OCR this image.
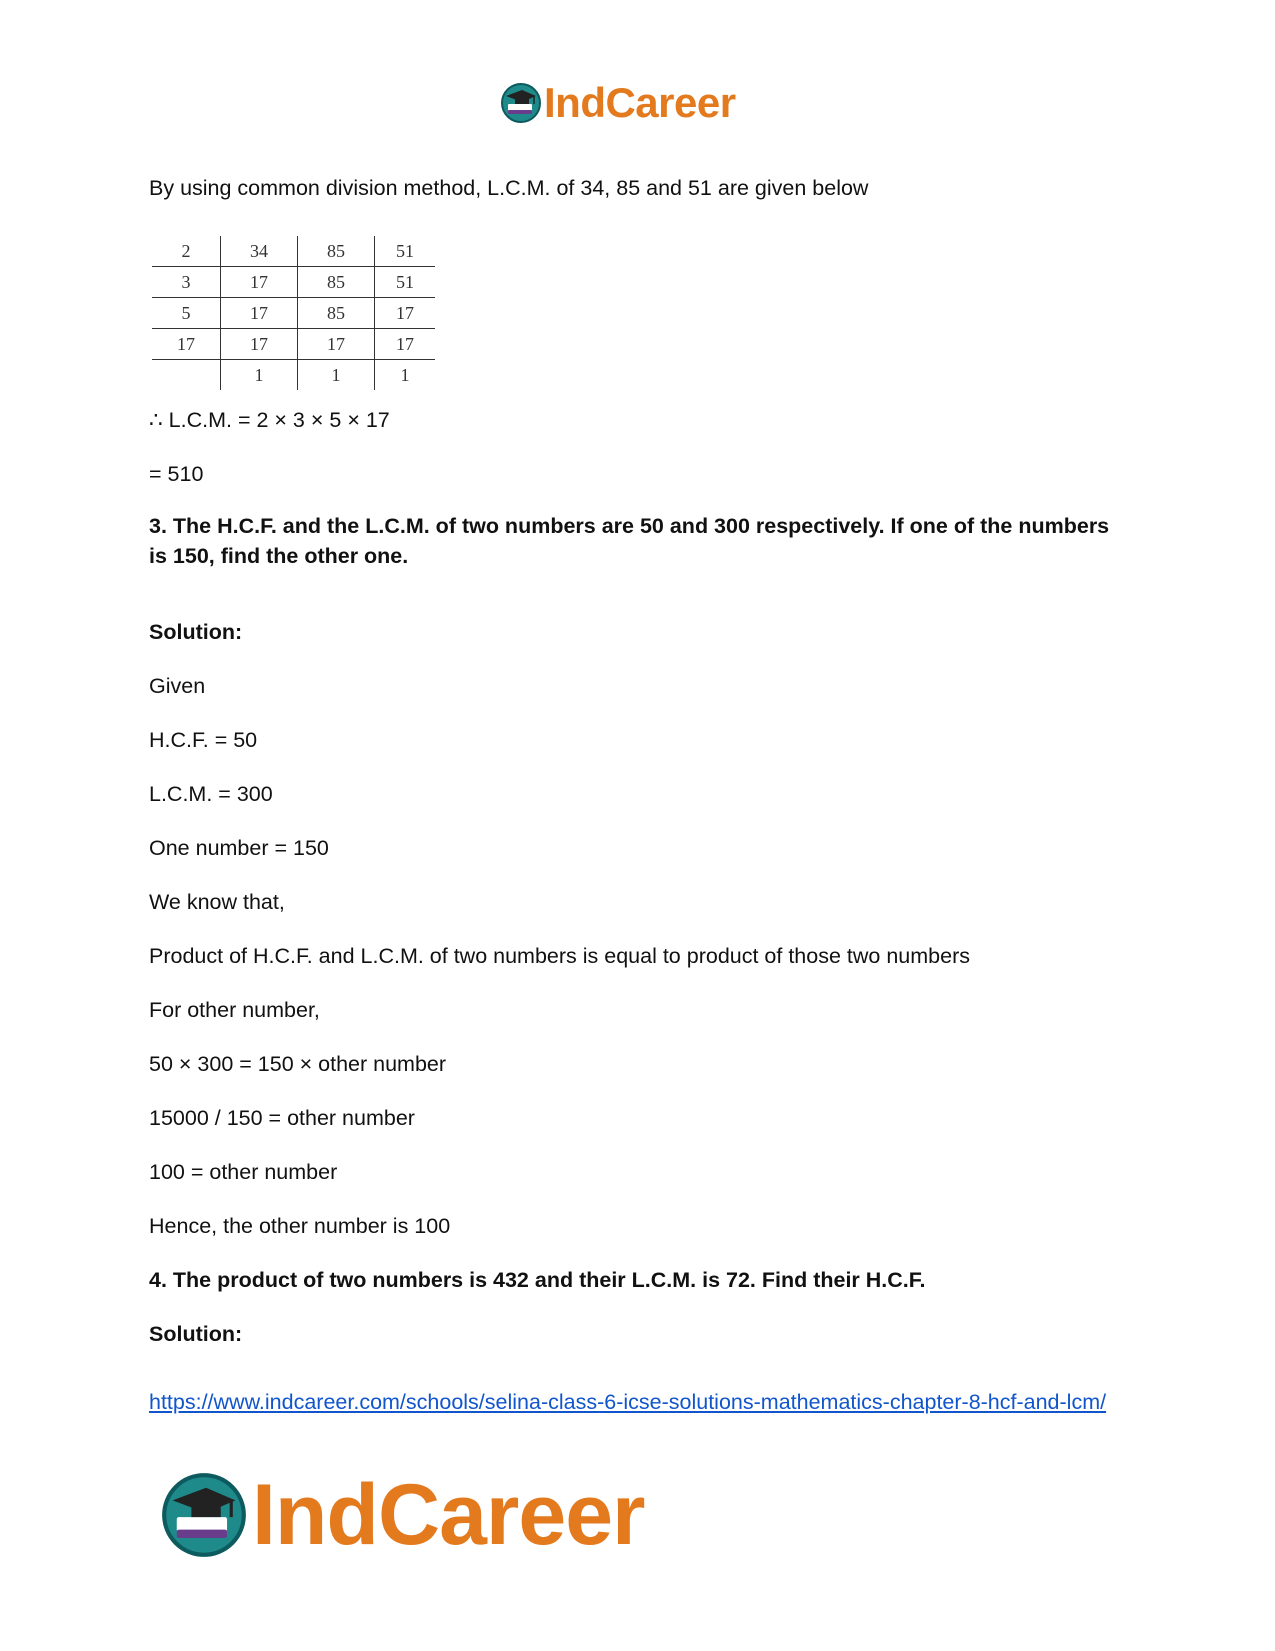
IndCareer
By using common division method, L.C.M. of 34, 85 and 51 are given below
2	34	85	51
3	17	85	51
5	17	85	17
17	17	17	17
	1	1	1
∴ L.C.M. = 2 × 3 × 5 × 17
= 510
3. The H.C.F. and the L.C.M. of two numbers are 50 and 300 respectively. If one of the numbers is 150, find the other one.
Solution:
Given
H.C.F. = 50
L.C.M. = 300
One number = 150
We know that,
Product of H.C.F. and L.C.M. of two numbers is equal to product of those two numbers
For other number,
50 × 300 = 150 × other number
15000 / 150 = other number
100 = other number
Hence, the other number is 100
4. The product of two numbers is 432 and their L.C.M. is 72. Find their H.C.F.
Solution:
https://www.indcareer.com/schools/selina-class-6-icse-solutions-mathematics-chapter-8-hcf-and-lcm/
IndCareer
